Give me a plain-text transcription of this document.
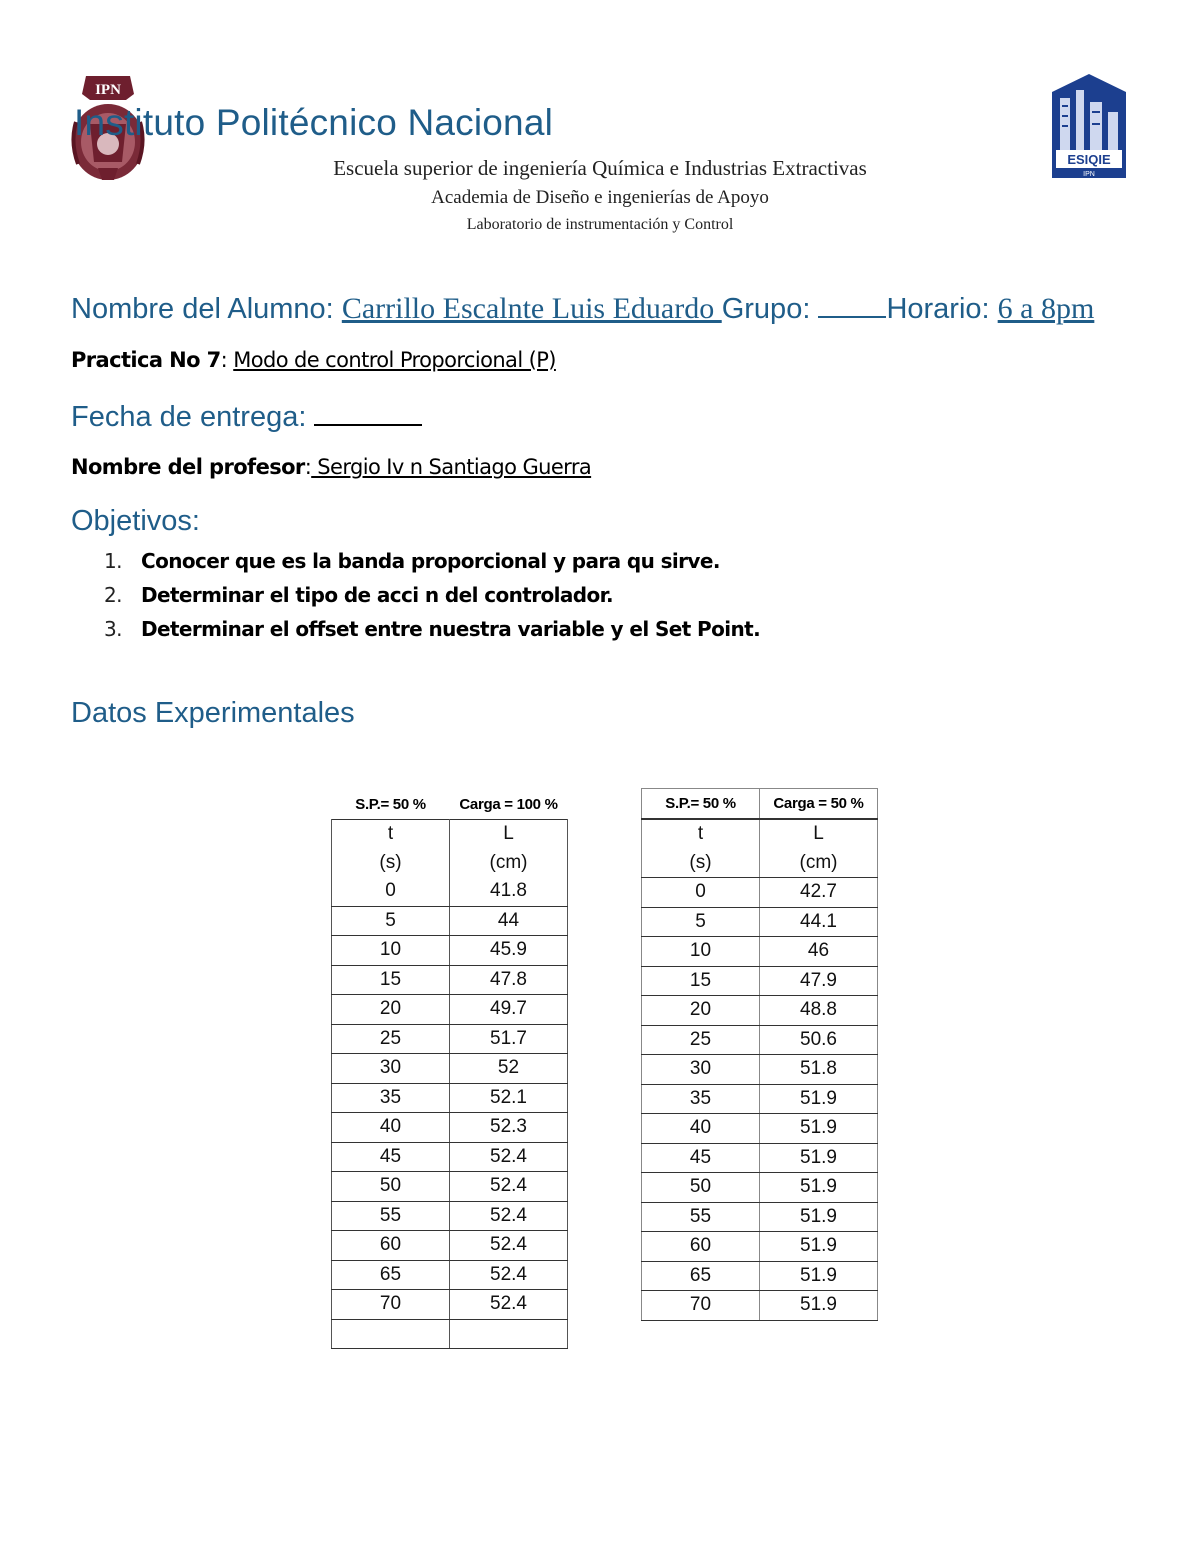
IPN
Instituto Politécnico Nacional
ESIQIE
IPN
Escuela superior de ingeniería Química e Industrias Extractivas
Academia de Diseño e ingenierías de Apoyo
Laboratorio de instrumentación y Control
Nombre del Alumno: Carrillo Escalnte Luis Eduardo Grupo:	Horario: 6 a 8pm
Practica No 7: Modo de control Proporcional (P)
Fecha de entrega:
Nombre del profesor: Sergio Iv n Santiago Guerra
Objetivos:
1. Conocer que es la banda proporcional y para qu sirve.
2. Determinar el tipo de acci n del controlador.
3. Determinar el offset entre nuestra variable y el Set Point.
Datos Experimentales
S.P.= 50 %	Carga = 100 %
t	L
(s)	(cm)
0	41.8
5	44
10	45.9
15	47.8
20	49.7
25	51.7
30	52
35	52.1
40	52.3
45	52.4
50	52.4
55	52.4
60	52.4
65	52.4
70	52.4

S.P.= 50 %	Carga = 50 %
t	L
(s)	(cm)
0	42.7
5	44.1
10	46
15	47.9
20	48.8
25	50.6
30	51.8
35	51.9
40	51.9
45	51.9
50	51.9
55	51.9
60	51.9
65	51.9
70	51.9
